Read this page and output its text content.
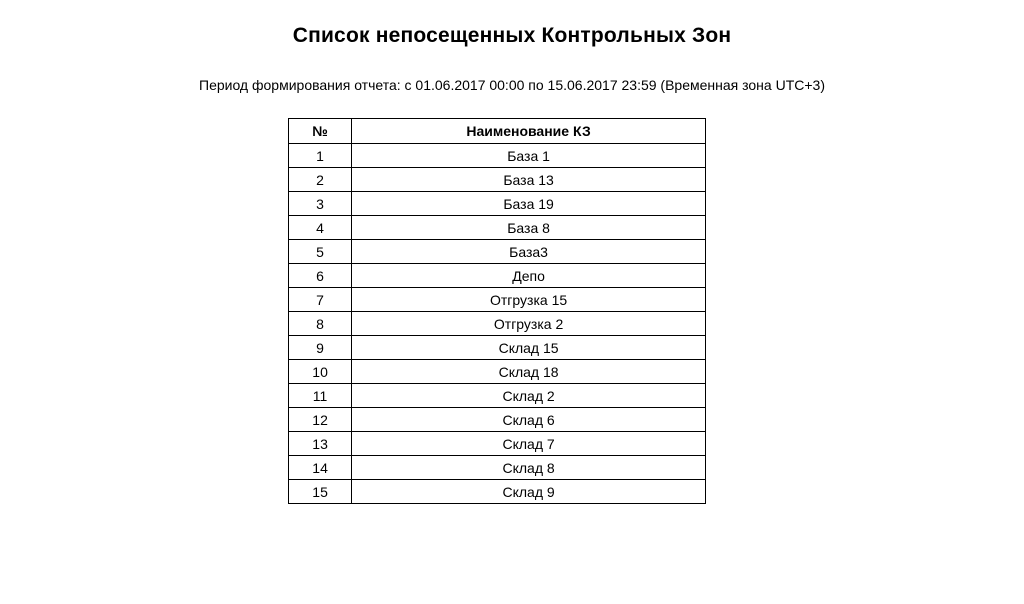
Список непосещенных Контрольных Зон
Период формирования отчета: с 01.06.2017 00:00 по 15.06.2017 23:59 (Временная зона UTC+3)
№	Наименование КЗ
1	База 1
2	База 13
3	База 19
4	База 8
5	База3
6	Депо
7	Отгрузка 15
8	Отгрузка 2
9	Склад 15
10	Склад 18
11	Склад 2
12	Склад 6
13	Склад 7
14	Склад 8
15	Склад 9
